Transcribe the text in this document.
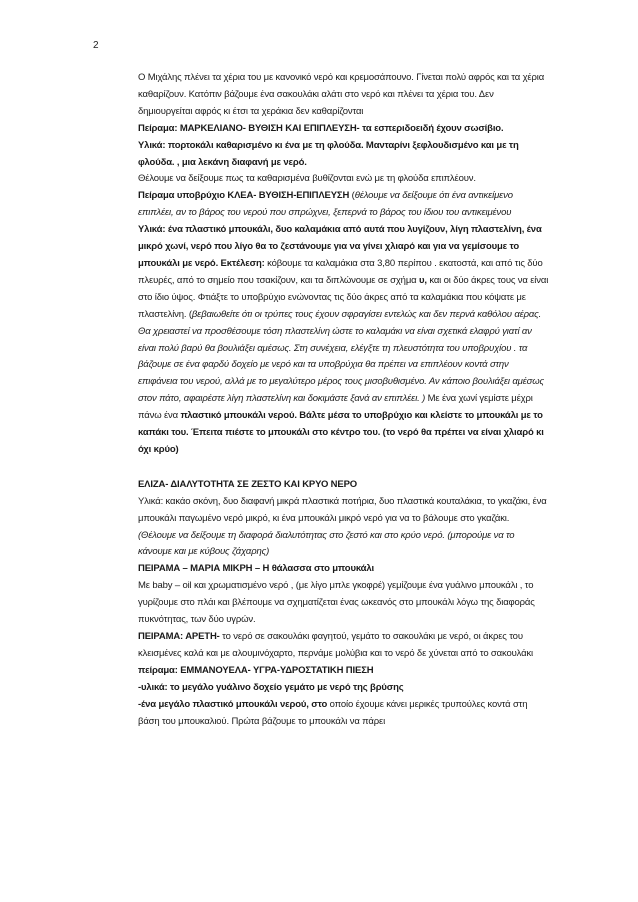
2

Ο Μιχάλης πλένει τα χέρια του με κανονικό νερό και κρεμοσάπουνο. Γίνεται πολύ αφρός και τα χέρια καθαρίζουν. Κατόπιν βάζουμε ένα σακουλάκι αλάτι στο νερό και πλένει τα χέρια του. Δεν δημιουργείται αφρός κι έτσι τα χεράκια δεν καθαρίζονται

Πείραμα: ΜΑΡΚΕΛΙΑΝΟ- ΒΥΘΙΣΗ ΚΑΙ ΕΠΙΠΛΕΥΣΗ- τα εσπεριδοειδή έχουν σωσίβιο.

Υλικά: πορτοκάλι καθαρισμένο κι ένα με τη φλούδα. Μανταρίνι ξεφλουδισμένο και με τη φλούδα. , μια λεκάνη διαφανή με νερό.

Θέλουμε να δείξουμε πως τα καθαρισμένα βυθίζονται ενώ με τη φλούδα επιπλέουν.

Πείραμα υποβρύχιο ΚΛΕΑ- ΒΥΘΙΣΗ-ΕΠΙΠΛΕΥΣΗ (θέλουμε να δείξουμε ότι ένα αντικείμενο επιπλέει, αν το βάρος του νερού που σπρώχνει, ξεπερνά το βάρος του ίδιου του αντικειμένου

Υλικά: ένα πλαστικό μπουκάλι, δυο καλαμάκια από αυτά που λυγίζουν, λίγη πλαστελίνη, ένα μικρό χωνί, νερό που λίγο θα το ζεστάνουμε για να γίνει χλιαρό και για να γεμίσουμε το μπουκάλι με νερό. Εκτέλεση: κόβουμε τα καλαμάκια στα 3,80 περίπου . εκατοστά, και από τις δύο πλευρές, από το σημείο που τσακίζουν, και τα διπλώνουμε σε σχήμα υ, και οι δύο άκρες τους να είναι στο ίδιο ύψος. Φτιάξτε το υποβρύχιο ενώνοντας τις δύο άκρες από τα καλαμάκια που κόψατε με πλαστελίνη. (βεβαιωθείτε ότι οι τρύπες τους έχουν σφραγίσει εντελώς και δεν περνά καθόλου αέρας. Θα χρειαστεί να προσθέσουμε τόση πλαστελίνη ώστε το καλαμάκι να είναι σχετικά ελαφρύ γιατί αν είναι πολύ βαρύ θα βουλιάξει αμέσως. Στη συνέχεια, ελέγξτε τη πλευστότητα του υποβρυχίου . τα βάζουμε σε ένα φαρδύ δοχείο με νερό και τα υποβρύχια θα πρέπει να επιπλέουν κοντά στην επιφάνεια του νερού, αλλά με το μεγαλύτερο μέρος τους μισοβυθισμένο. Αν κάποιο βουλιάξει αμέσως στον πάτο, αφαιρέστε λίγη πλαστελίνη και δοκιμάστε ξανά αν επιπλέει. ) Με ένα χωνί γεμίστε μέχρι πάνω ένα πλαστικό μπουκάλι νερού. Βάλτε μέσα το υποβρύχιο και κλείστε το μπουκάλι με το καπάκι του. Έπειτα πιέστε το μπουκάλι στο κέντρο του. (το νερό θα πρέπει να είναι χλιαρό κι όχι κρύο)

ΕΛΙΖΑ- ΔΙΑΛΥΤΟΤΗΤΑ ΣΕ ΖΕΣΤΟ ΚΑΙ ΚΡΥΟ ΝΕΡΟ

Υλικά: κακάο σκόνη, δυο διαφανή μικρά πλαστικά ποτήρια, δυο πλαστικά κουταλάκια, το γκαζάκι, ένα μπουκάλι παγωμένο νερό μικρό, κι ένα μπουκάλι μικρό νερό για να το βάλουμε στο γκαζάκι.

(Θέλουμε να δείξουμε τη διαφορά διαλυτότητας στο ζεστό και στο κρύο νερό. (μπορούμε να το κάνουμε και με κύβους ζάχαρης)

ΠΕΙΡΑΜΑ – ΜΑΡΙΑ ΜΙΚΡΗ – Η θάλασσα στο μπουκάλι

Με baby – oil και χρωματισμένο νερό , (με λίγο μπλε γκοφρέ) γεμίζουμε ένα γυάλινο μπουκάλι , το γυρίζουμε στο πλάι και βλέπουμε να σχηματίζεται ένας ωκεανός στο μπουκάλι λόγω της διαφοράς πυκνότητας, των δύο υγρών.

ΠΕΙΡΑΜΑ: ΑΡΕΤΗ- το νερό σε σακουλάκι φαγητού, γεμάτο το σακουλάκι με νερό, οι άκρες του κλεισμένες καλά και με αλουμινόχαρτο, περνάμε μολύβια και το νερό δε χύνεται από το σακουλάκι

πείραμα: ΕΜΜΑΝΟΥΕΛΑ- ΥΓΡΑ-ΥΔΡΟΣΤΑΤΙΚΗ ΠΙΕΣΗ

-υλικά: το μεγάλο γυάλινο δοχείο γεμάτο με νερό της βρύσης

-ένα μεγάλο πλαστικό μπουκάλι νερού, στο οποίο έχουμε κάνει μερικές τρυπούλες κοντά στη βάση του μπουκαλιού. Πρώτα βάζουμε το μπουκάλι να πάρει
